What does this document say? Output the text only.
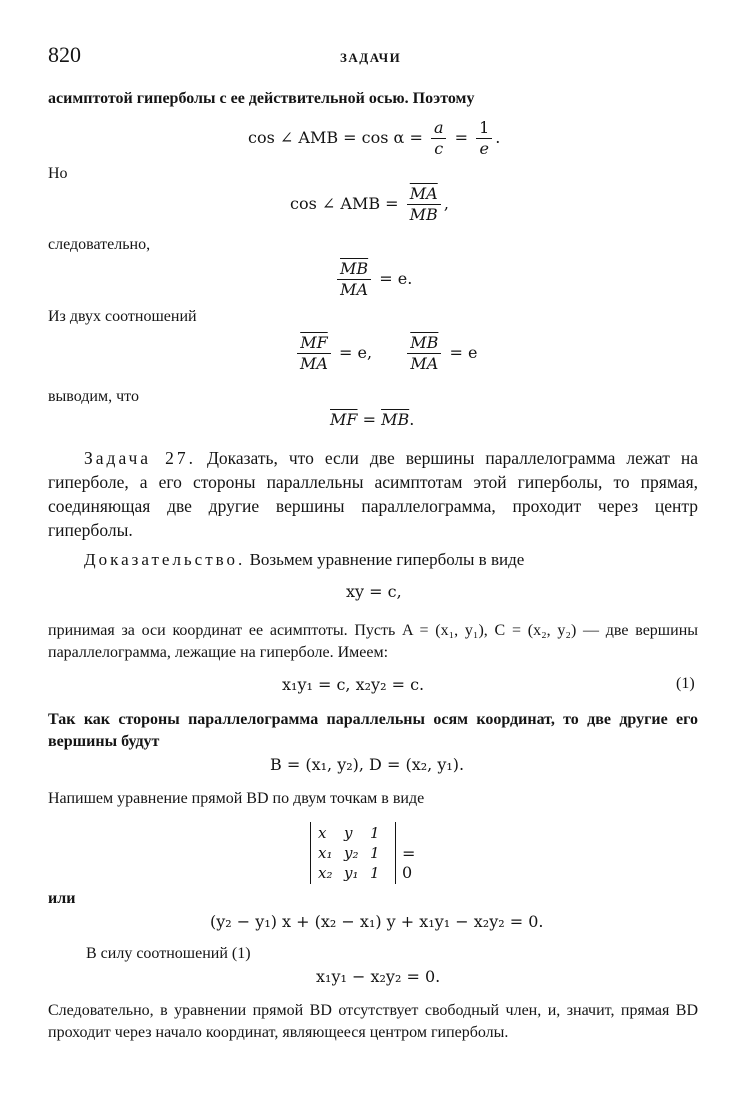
820	ЗАДАЧИ
асимптотой гиперболы с ее действительной осью. Поэтому
cos ∠ AMB = $\cos \alpha = \frac{a}{c} = \frac{1}{e}$ .
Но
cos ∠ AMB = $\frac{\overline{MA}}{MB}$ ,
следовательно,
$\frac{\overline{MB}}{MA} = e$.
Из двух соотношений
$\frac{\overline{MF}}{MA} = e$, $\frac{\overline{MB}}{MA} = e$
выводим, что
$\overline{MF} = \overline{MB}$.
Задача 27. Доказать, что если две вершины параллелограмма лежат на гиперболе, а его стороны параллельны асимптотам этой гиперболы, то прямая, соединяющая две другие вершины параллелограмма, проходит через центр гиперболы.
Доказательство. Возьмем уравнение гиперболы в виде
xy = c,
принимая за оси координат ее асимптоты. Пусть A = (x₁, y₁), C = (x₂, y₂) — две вершины параллелограмма, лежащие на гиперболе. Имеем:
x₁y₁ = c, x₂y₂ = c.	(1)
Так как стороны параллелограмма параллельны осям координат, то две другие его вершины будут
B = (x₁, y₂), D = (x₂, y₁).
Напишем уравнение прямой BD по двум точкам в виде
x	y	1
x₁ y₂ 1
x₂ y₁ 1
= 0
или
(y₂ − y₁) x + (x₂ − x₁) y + x₁y₁ − x₂y₂ = 0.
В силу соотношений (1)
x₁y₁ − x₂y₂ = 0.
Следовательно, в уравнении прямой BD отсутствует свободный член, и, значит, прямая BD проходит через начало координат, являющееся центром гиперболы.
